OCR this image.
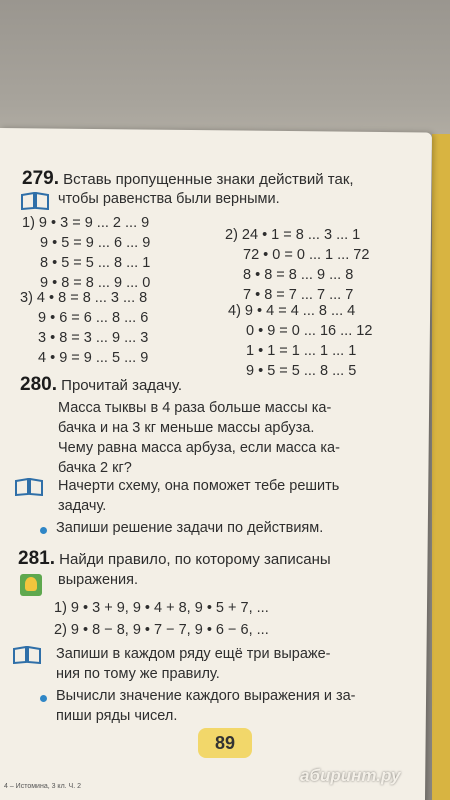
279. Вставь пропущенные знаки действий так,
чтобы равенства были верными.
1) 9 • 3 = 9 ... 2 ... 9
9 • 5 = 9 ... 6 ... 9
8 • 5 = 5 ... 8 ... 1
9 • 8 = 8 ... 9 ... 0
2) 24 • 1 = 8 ... 3 ... 1
72 • 0 = 0 ... 1 ... 72
8 • 8 = 8 ... 9 ... 8
7 • 8 = 7 ... 7 ... 7
3) 4 • 8 = 8 ... 3 ... 8
9 • 6 = 6 ... 8 ... 6
3 • 8 = 3 ... 9 ... 3
4 • 9 = 9 ... 5 ... 9
4) 9 • 4 = 4 ... 8 ... 4
0 • 9 = 0 ... 16 ... 12
1 • 1 = 1 ... 1 ... 1
9 • 5 = 5 ... 8 ... 5
280. Прочитай задачу.
Масса тыквы в 4 раза больше массы ка-
бачка и на 3 кг меньше массы арбуза.
Чему равна масса арбуза, если масса ка-
бачка 2 кг?
Начерти схему, она поможет тебе решить
задачу.
Запиши решение задачи по действиям.
281. Найди правило, по которому записаны
выражения.
1) 9 • 3 + 9, 9 • 4 + 8, 9 • 5 + 7, ...
2) 9 • 8 − 8, 9 • 7 − 7, 9 • 6 − 6, ...
Запиши в каждом ряду ещё три выраже-
ния по тому же правилу.
Вычисли значение каждого выражения и за-
пиши ряды чисел.
89
4 – Истомина, 3 кл. Ч. 2
абиринт.ру
